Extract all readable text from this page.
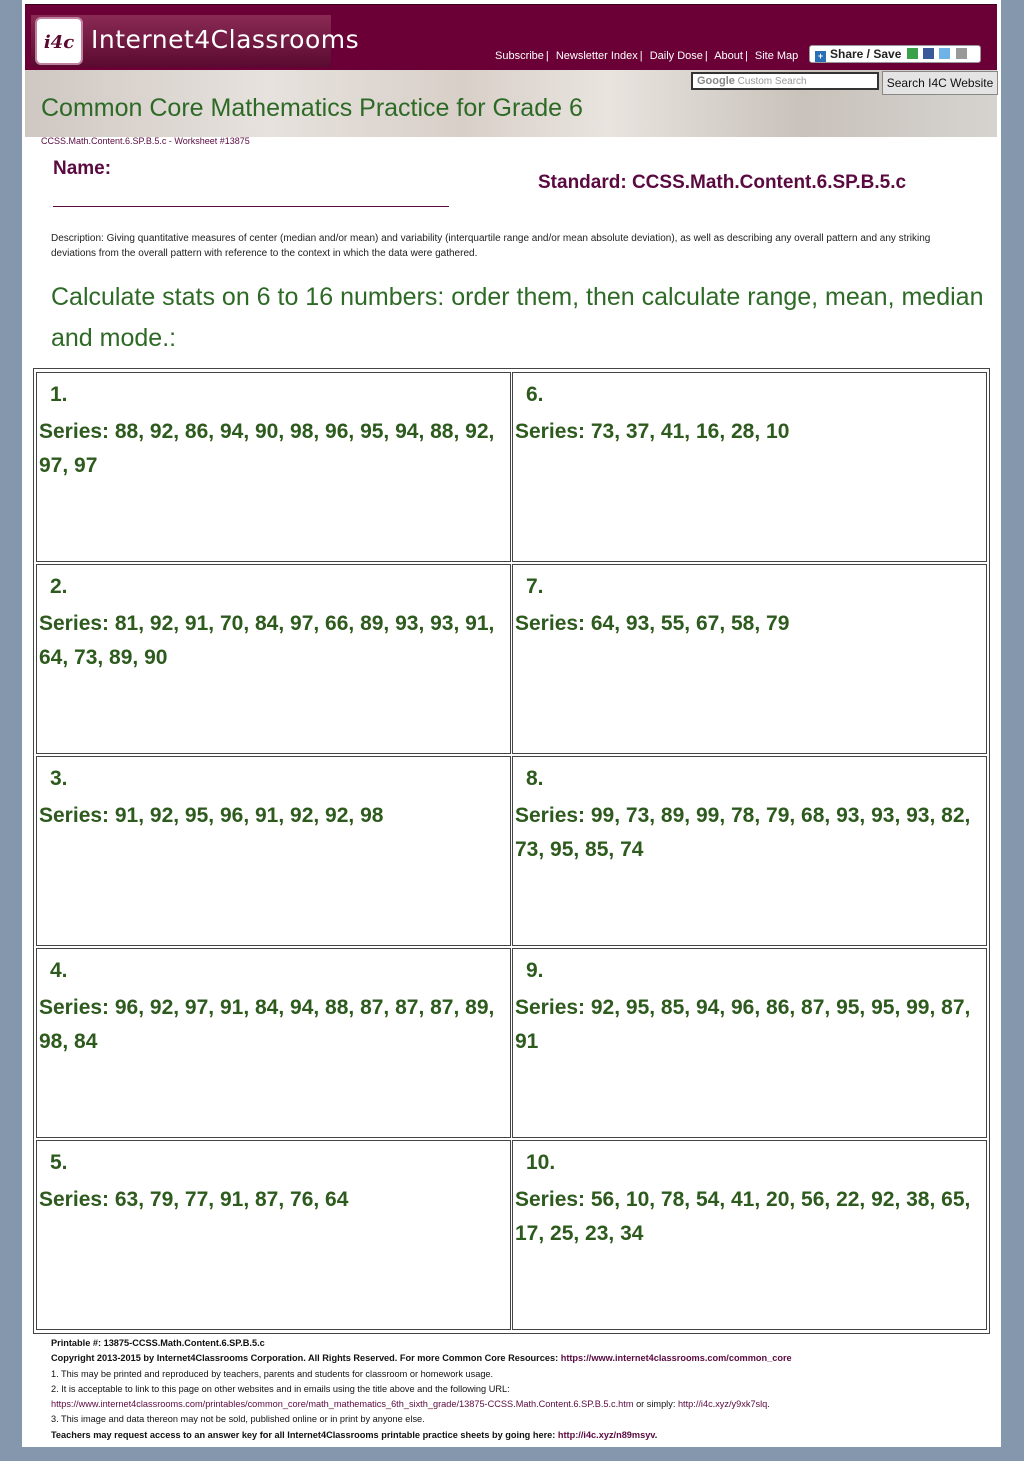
i4c Internet4Classrooms
Subscribe | Newsletter Index | Daily Dose | About | Site Map	+ Share / Save
Google Custom Search	Search I4C Website
Common Core Mathematics Practice for Grade 6
CCSS.Math.Content.6.SP.B.5.c - Worksheet #13875
Name:
Standard: CCSS.Math.Content.6.SP.B.5.c
Description: Giving quantitative measures of center (median and/or mean) and variability (interquartile range and/or mean absolute deviation), as well as describing any overall pattern and any striking deviations from the overall pattern with reference to the context in which the data were gathered.
Calculate stats on 6 to 16 numbers: order them, then calculate range, mean, median and mode.:
1.
Series: 88, 92, 86, 94, 90, 98, 96, 95, 94, 88, 92, 97, 97
2.
Series: 81, 92, 91, 70, 84, 97, 66, 89, 93, 93, 91, 64, 73, 89, 90
3.
Series: 91, 92, 95, 96, 91, 92, 92, 98
4.
Series: 96, 92, 97, 91, 84, 94, 88, 87, 87, 87, 89, 98, 84
5.
Series: 63, 79, 77, 91, 87, 76, 64
6.
Series: 73, 37, 41, 16, 28, 10
7.
Series: 64, 93, 55, 67, 58, 79
8.
Series: 99, 73, 89, 99, 78, 79, 68, 93, 93, 93, 82, 73, 95, 85, 74
9.
Series: 92, 95, 85, 94, 96, 86, 87, 95, 95, 99, 87, 91
10.
Series: 56, 10, 78, 54, 41, 20, 56, 22, 92, 38, 65, 17, 25, 23, 34
Printable #: 13875-CCSS.Math.Content.6.SP.B.5.c
Copyright 2013-2015 by Internet4Classrooms Corporation. All Rights Reserved. For more Common Core Resources: https://www.internet4classrooms.com/common_core
1. This may be printed and reproduced by teachers, parents and students for classroom or homework usage.
2. It is acceptable to link to this page on other websites and in emails using the title above and the following URL:
https://www.internet4classrooms.com/printables/common_core/math_mathematics_6th_sixth_grade/13875-CCSS.Math.Content.6.SP.B.5.c.htm or simply: http://i4c.xyz/y9xk7slq.
3. This image and data thereon may not be sold, published online or in print by anyone else.
Teachers may request access to an answer key for all Internet4Classrooms printable practice sheets by going here: http://i4c.xyz/n89msyv.
